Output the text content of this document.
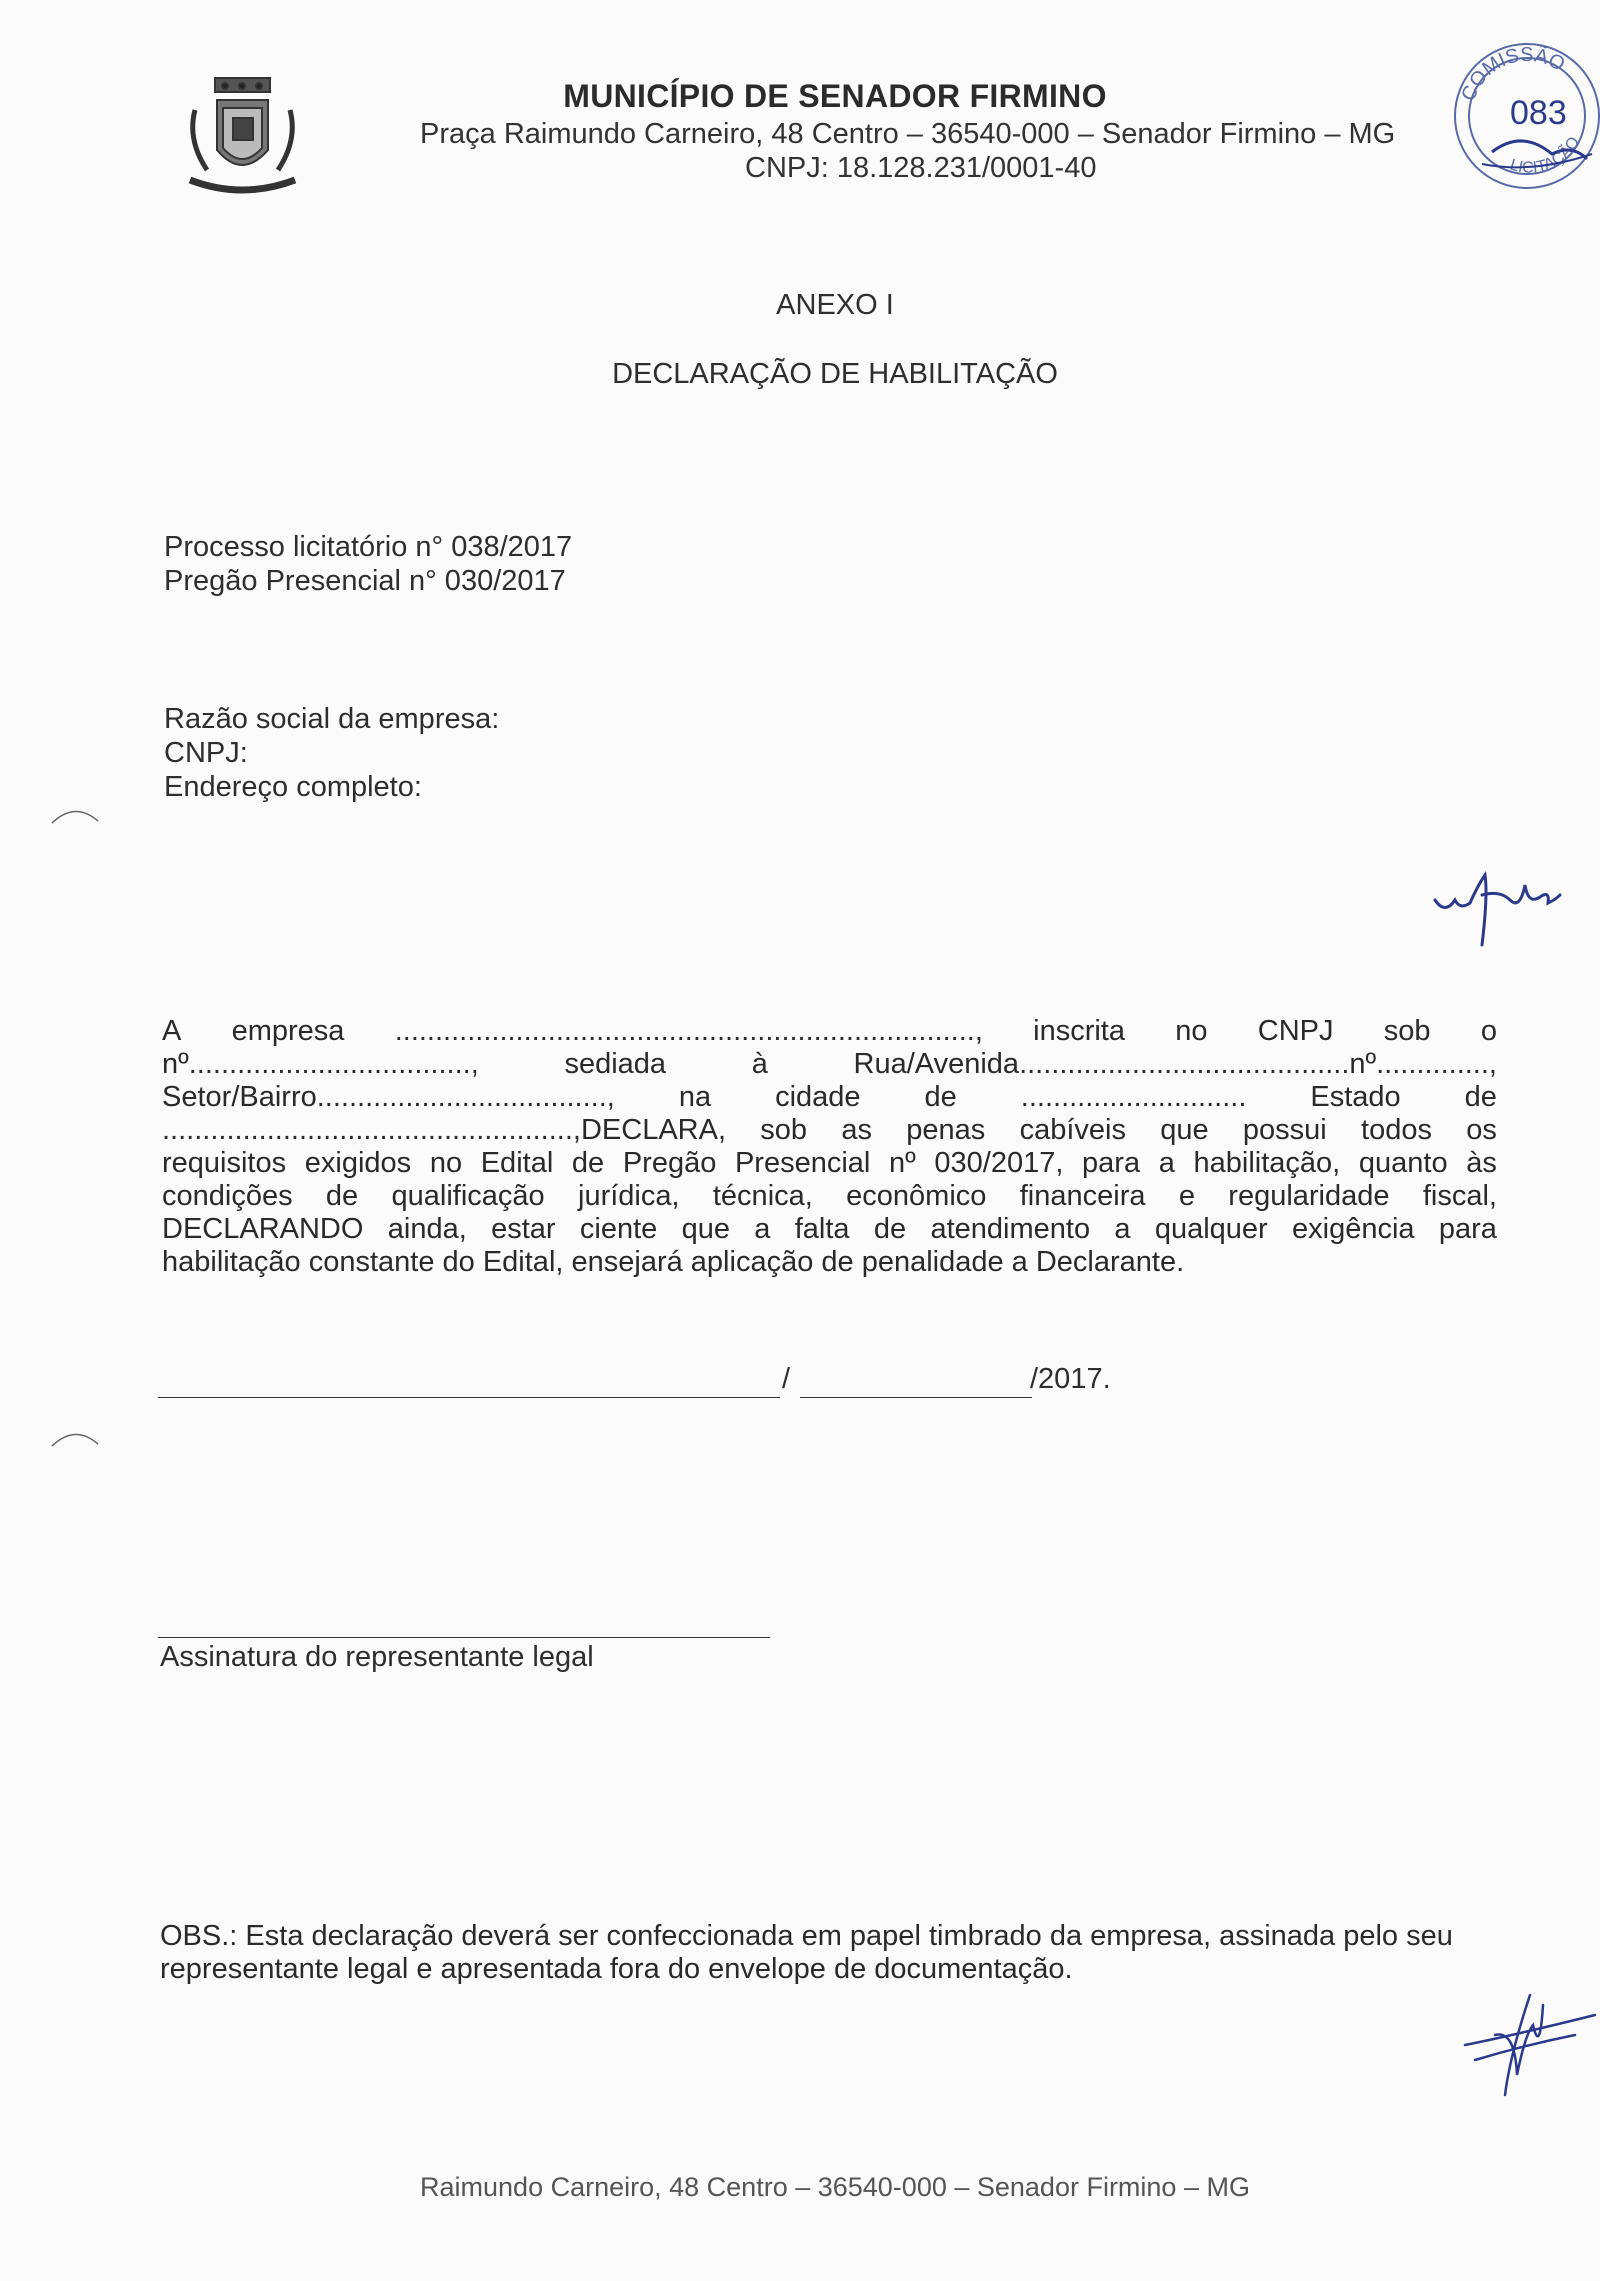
MUNICÍPIO DE SENADOR FIRMINO
Praça Raimundo Carneiro, 48 Centro – 36540-000 – Senador Firmino – MG
CNPJ: 18.128.231/0001-40
COMISSÃO
LICITAÇÃO
083
ANEXO I
DECLARAÇÃO DE HABILITAÇÃO
Processo licitatório n° 038/2017
Pregão Presencial n° 030/2017
Razão social da empresa:
CNPJ:
Endereço completo:
A empresa ........................................................................, inscrita no CNPJ sob o
nº...................................,	sediada	à	Rua/Avenida.........................................nº..............,
Setor/Bairro...................................., na cidade de ............................ Estado de
...................................................,DECLARA, sob as penas cabíveis que possui todos os
requisitos exigidos no Edital de Pregão Presencial nº 030/2017, para a habilitação, quanto às
condições de qualificação jurídica, técnica, econômico financeira e regularidade fiscal,
DECLARANDO ainda, estar ciente que a falta de atendimento a qualquer exigência para
habilitação constante do Edital, ensejará aplicação de penalidade a Declarante.
/	/2017.
Assinatura do representante legal
OBS.: Esta declaração deverá ser confeccionada em papel timbrado da empresa, assinada pelo seu representante legal e apresentada fora do envelope de documentação.
Raimundo Carneiro, 48 Centro – 36540-000 – Senador Firmino – MG
